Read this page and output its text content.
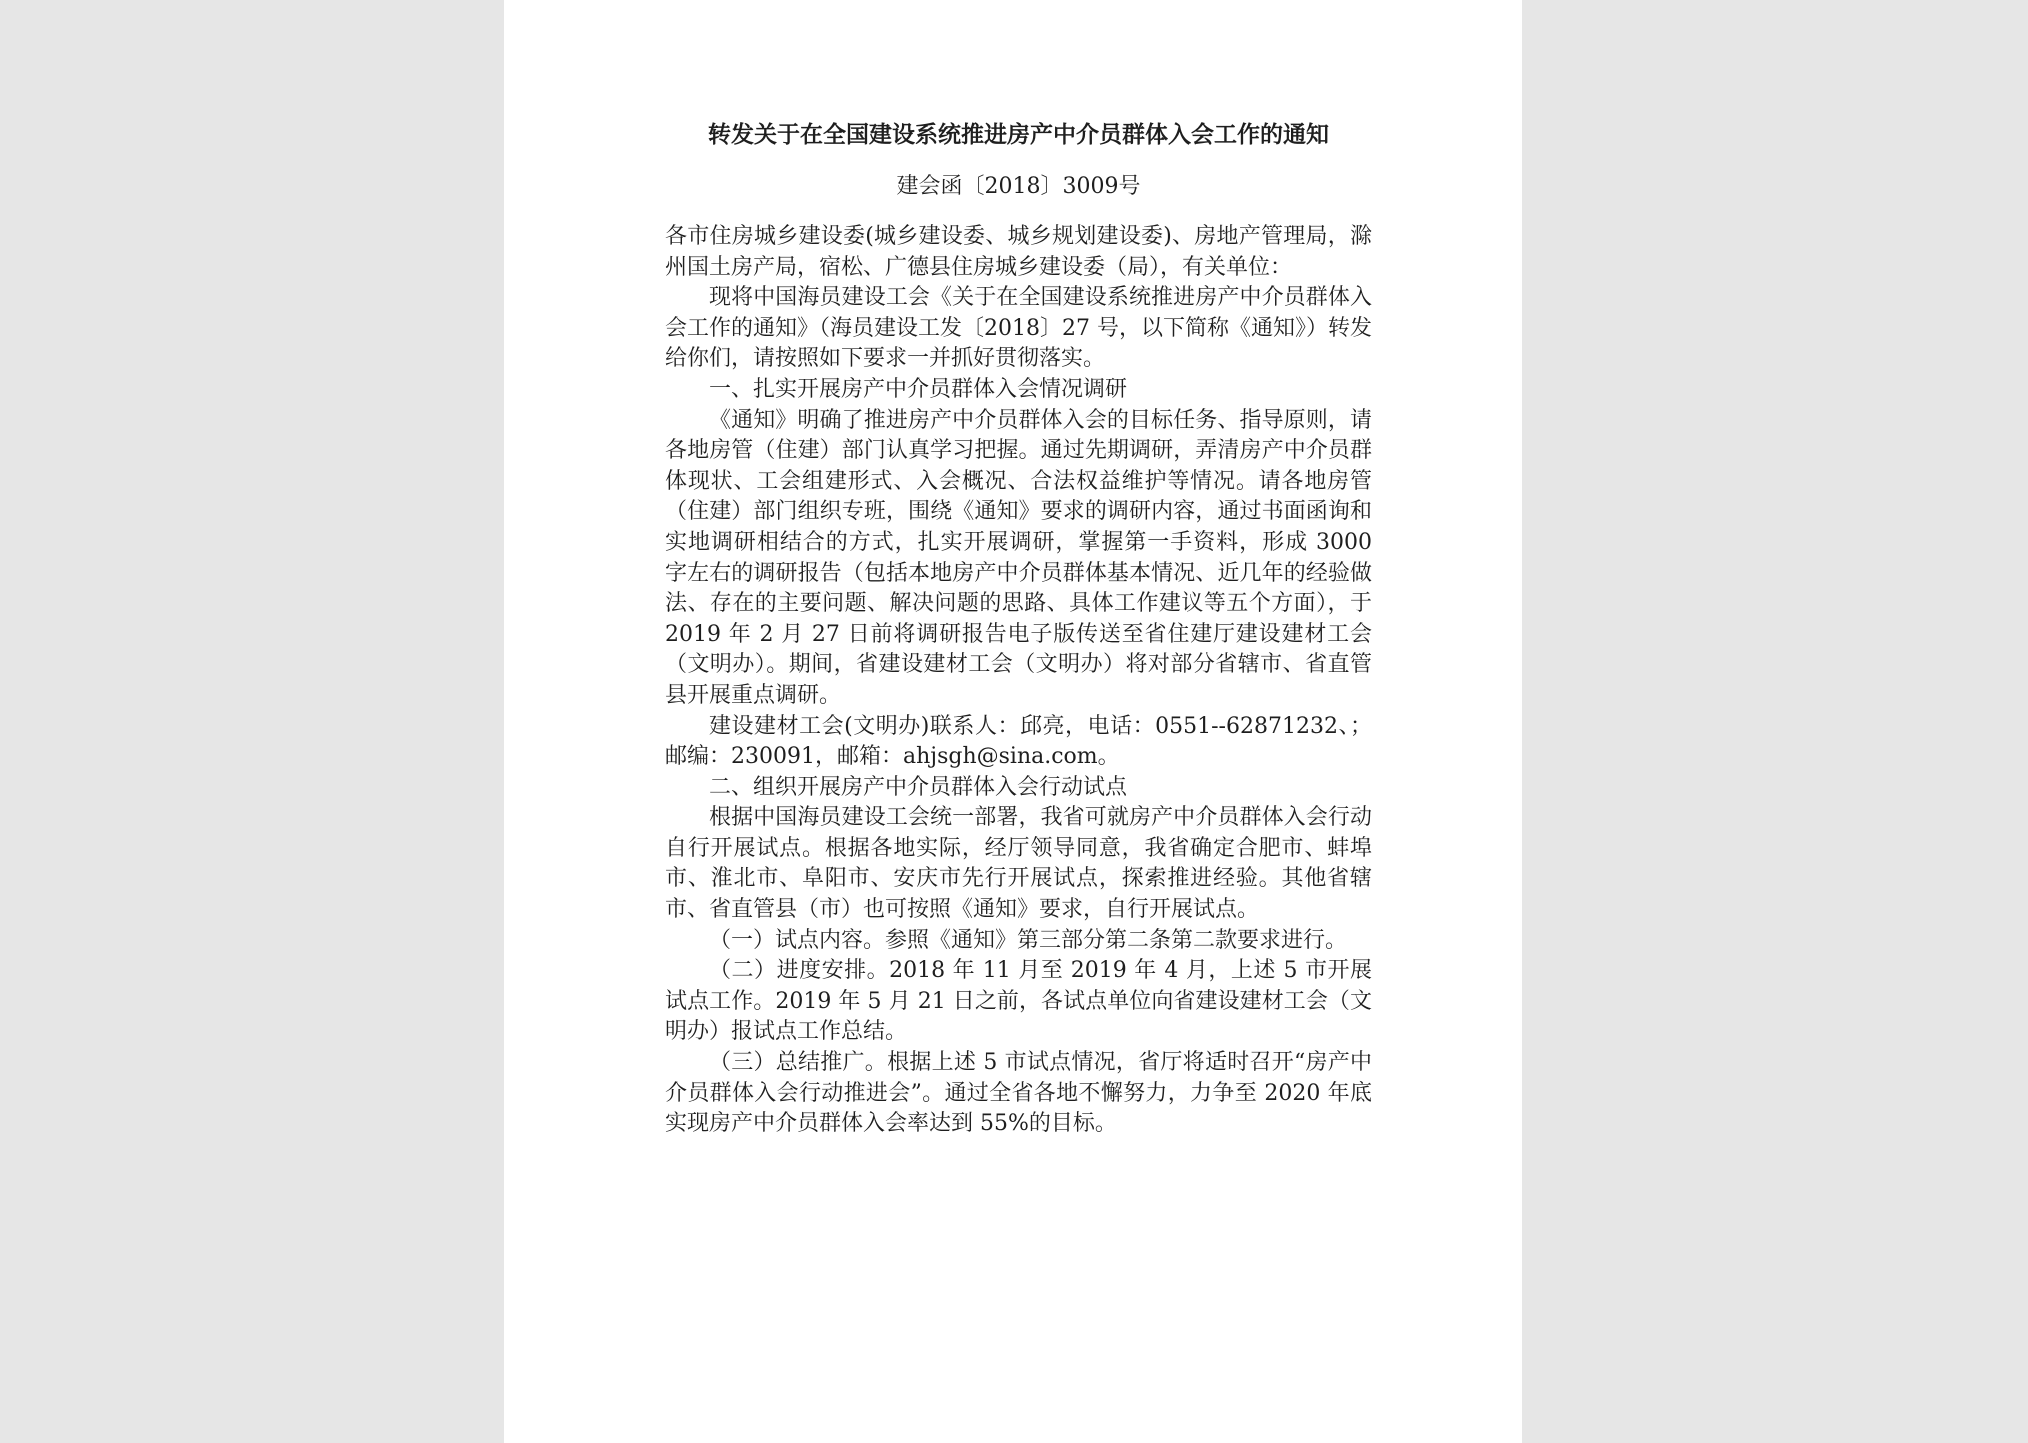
转发关于在全国建设系统推进房产中介员群体入会工作的通知
建会函〔2018〕3009号

各市住房城乡建设委(城乡建设委、城乡规划建设委)、房地产管理局，滁州国土房产局，宿松、广德县住房城乡建设委（局），有关单位：

现将中国海员建设工会《关于在全国建设系统推进房产中介员群体入会工作的通知》（海员建设工发〔2018〕27 号，以下简称《通知》）转发给你们，请按照如下要求一并抓好贯彻落实。

一、扎实开展房产中介员群体入会情况调研

《通知》明确了推进房产中介员群体入会的目标任务、指导原则，请各地房管（住建）部门认真学习把握。通过先期调研，弄清房产中介员群体现状、工会组建形式、入会概况、合法权益维护等情况。请各地房管（住建）部门组织专班，围绕《通知》要求的调研内容，通过书面函询和实地调研相结合的方式，扎实开展调研，掌握第一手资料，形成 3000 字左右的调研报告（包括本地房产中介员群体基本情况、近几年的经验做法、存在的主要问题、解决问题的思路、具体工作建议等五个方面），于 2019 年 2 月 27 日前将调研报告电子版传送至省住建厅建设建材工会（文明办）。期间，省建设建材工会（文明办）将对部分省辖市、省直管县开展重点调研。

建设建材工会(文明办)联系人：邱亮，电话：0551--62871232、；邮编：230091，邮箱：ahjsgh@sina.com。

二、组织开展房产中介员群体入会行动试点

根据中国海员建设工会统一部署，我省可就房产中介员群体入会行动自行开展试点。根据各地实际，经厅领导同意，我省确定合肥市、蚌埠市、淮北市、阜阳市、安庆市先行开展试点，探索推进经验。其他省辖市、省直管县（市）也可按照《通知》要求，自行开展试点。

（一）试点内容。参照《通知》第三部分第二条第二款要求进行。

（二）进度安排。2018 年 11 月至 2019 年 4 月，上述 5 市开展试点工作。2019 年 5 月 21 日之前，各试点单位向省建设建材工会（文明办）报试点工作总结。

（三）总结推广。根据上述 5 市试点情况，省厅将适时召开“房产中介员群体入会行动推进会”。通过全省各地不懈努力，力争至 2020 年底实现房产中介员群体入会率达到 55%的目标。
